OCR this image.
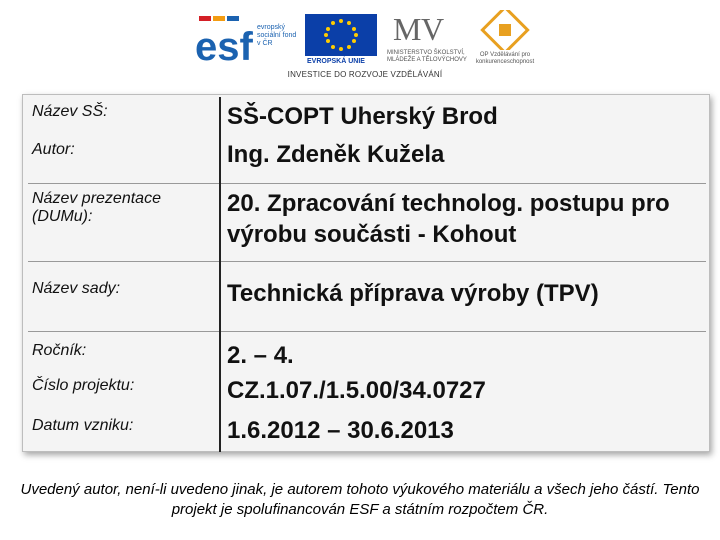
esf evropský sociální fond v ČR
EVROPSKÁ UNIE
M V
MINISTERSTVO ŠKOLSTVÍ, MLÁDEŽE A TĚLOVÝCHOVY
OP Vzdělávání pro konkurenceschopnost
INVESTICE DO ROZVOJE VZDĚLÁVÁNÍ
Název SŠ:	SŠ-COPT Uherský Brod
Autor:	Ing. Zdeněk Kužela
Název prezentace (DUMu):	20. Zpracování technolog. postupu pro výrobu součásti - Kohout
Název sady:	Technická příprava výroby (TPV)
Ročník:	2. – 4.
Číslo projektu:	CZ.1.07./1.5.00/34.0727
Datum vzniku:	1.6.2012 – 30.6.2013
Uvedený autor, není-li uvedeno jinak, je autorem tohoto výukového materiálu a všech jeho částí. Tento projekt je spolufinancován ESF a státním rozpočtem ČR.
